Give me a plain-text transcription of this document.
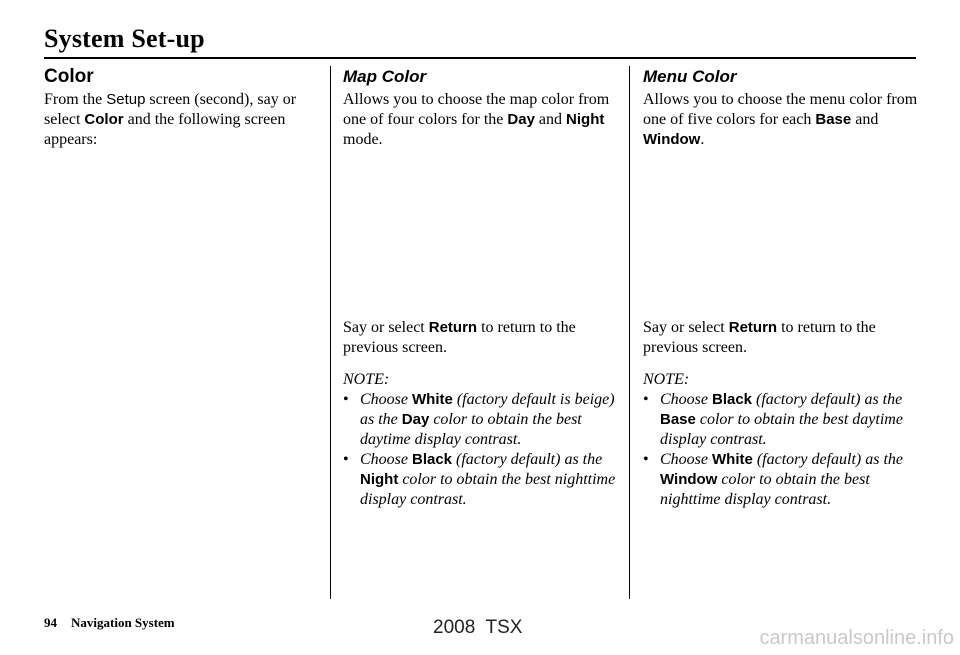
System Set-up
Color

From the Setup screen (second), say or select Color and the following screen appears:

Map Color

Allows you to choose the map color from one of four colors for the Day and Night mode.

Say or select Return to return to the previous screen.

NOTE:

• Choose White (factory default is beige) as the Day color to obtain the best daytime display contrast.
• Choose Black (factory default) as the Night color to obtain the best nighttime display contrast.
Menu Color

Allows you to choose the menu color from one of five colors for each Base and Window.

Say or select Return to return to the previous screen.

NOTE:

• Choose Black (factory default) as the Base color to obtain the best daytime display contrast.
• Choose White (factory default) as the Window color to obtain the best nighttime display contrast.
94 Navigation System	2008  TSX	carmanualsonline.info
